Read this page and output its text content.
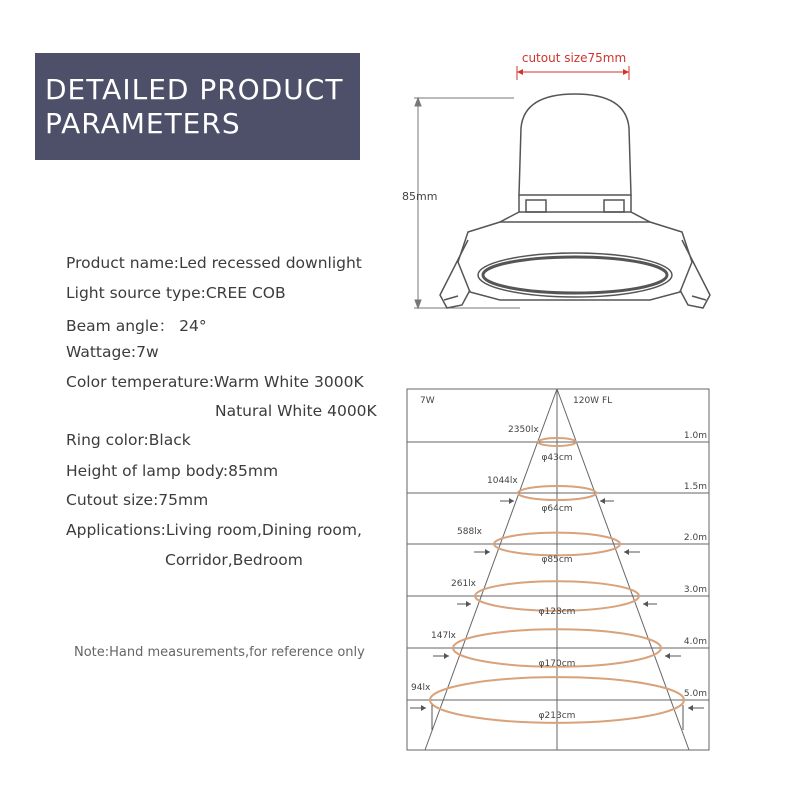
DETAILED PRODUCT
PARAMETERS
Product name:Led recessed downlight
Light source type:CREE COB
Beam angle： 24°
Wattage:7w
Color temperature:Warm White 3000K
Natural White 4000K
Ring color:Black
Height of lamp body:85mm
Cutout size:75mm
Applications:Living room,Dining room,
Corridor,Bedroom
Note:Hand measurements,for reference only
cutout size75mm
85mm
7W	120W FL
1.0m
2350lx
φ43cm
1.5m
1044lx
φ64cm
2.0m
588lx
φ85cm
3.0m
261lx
φ128cm
4.0m
147lx
φ170cm
5.0m
94lx
φ213cm
